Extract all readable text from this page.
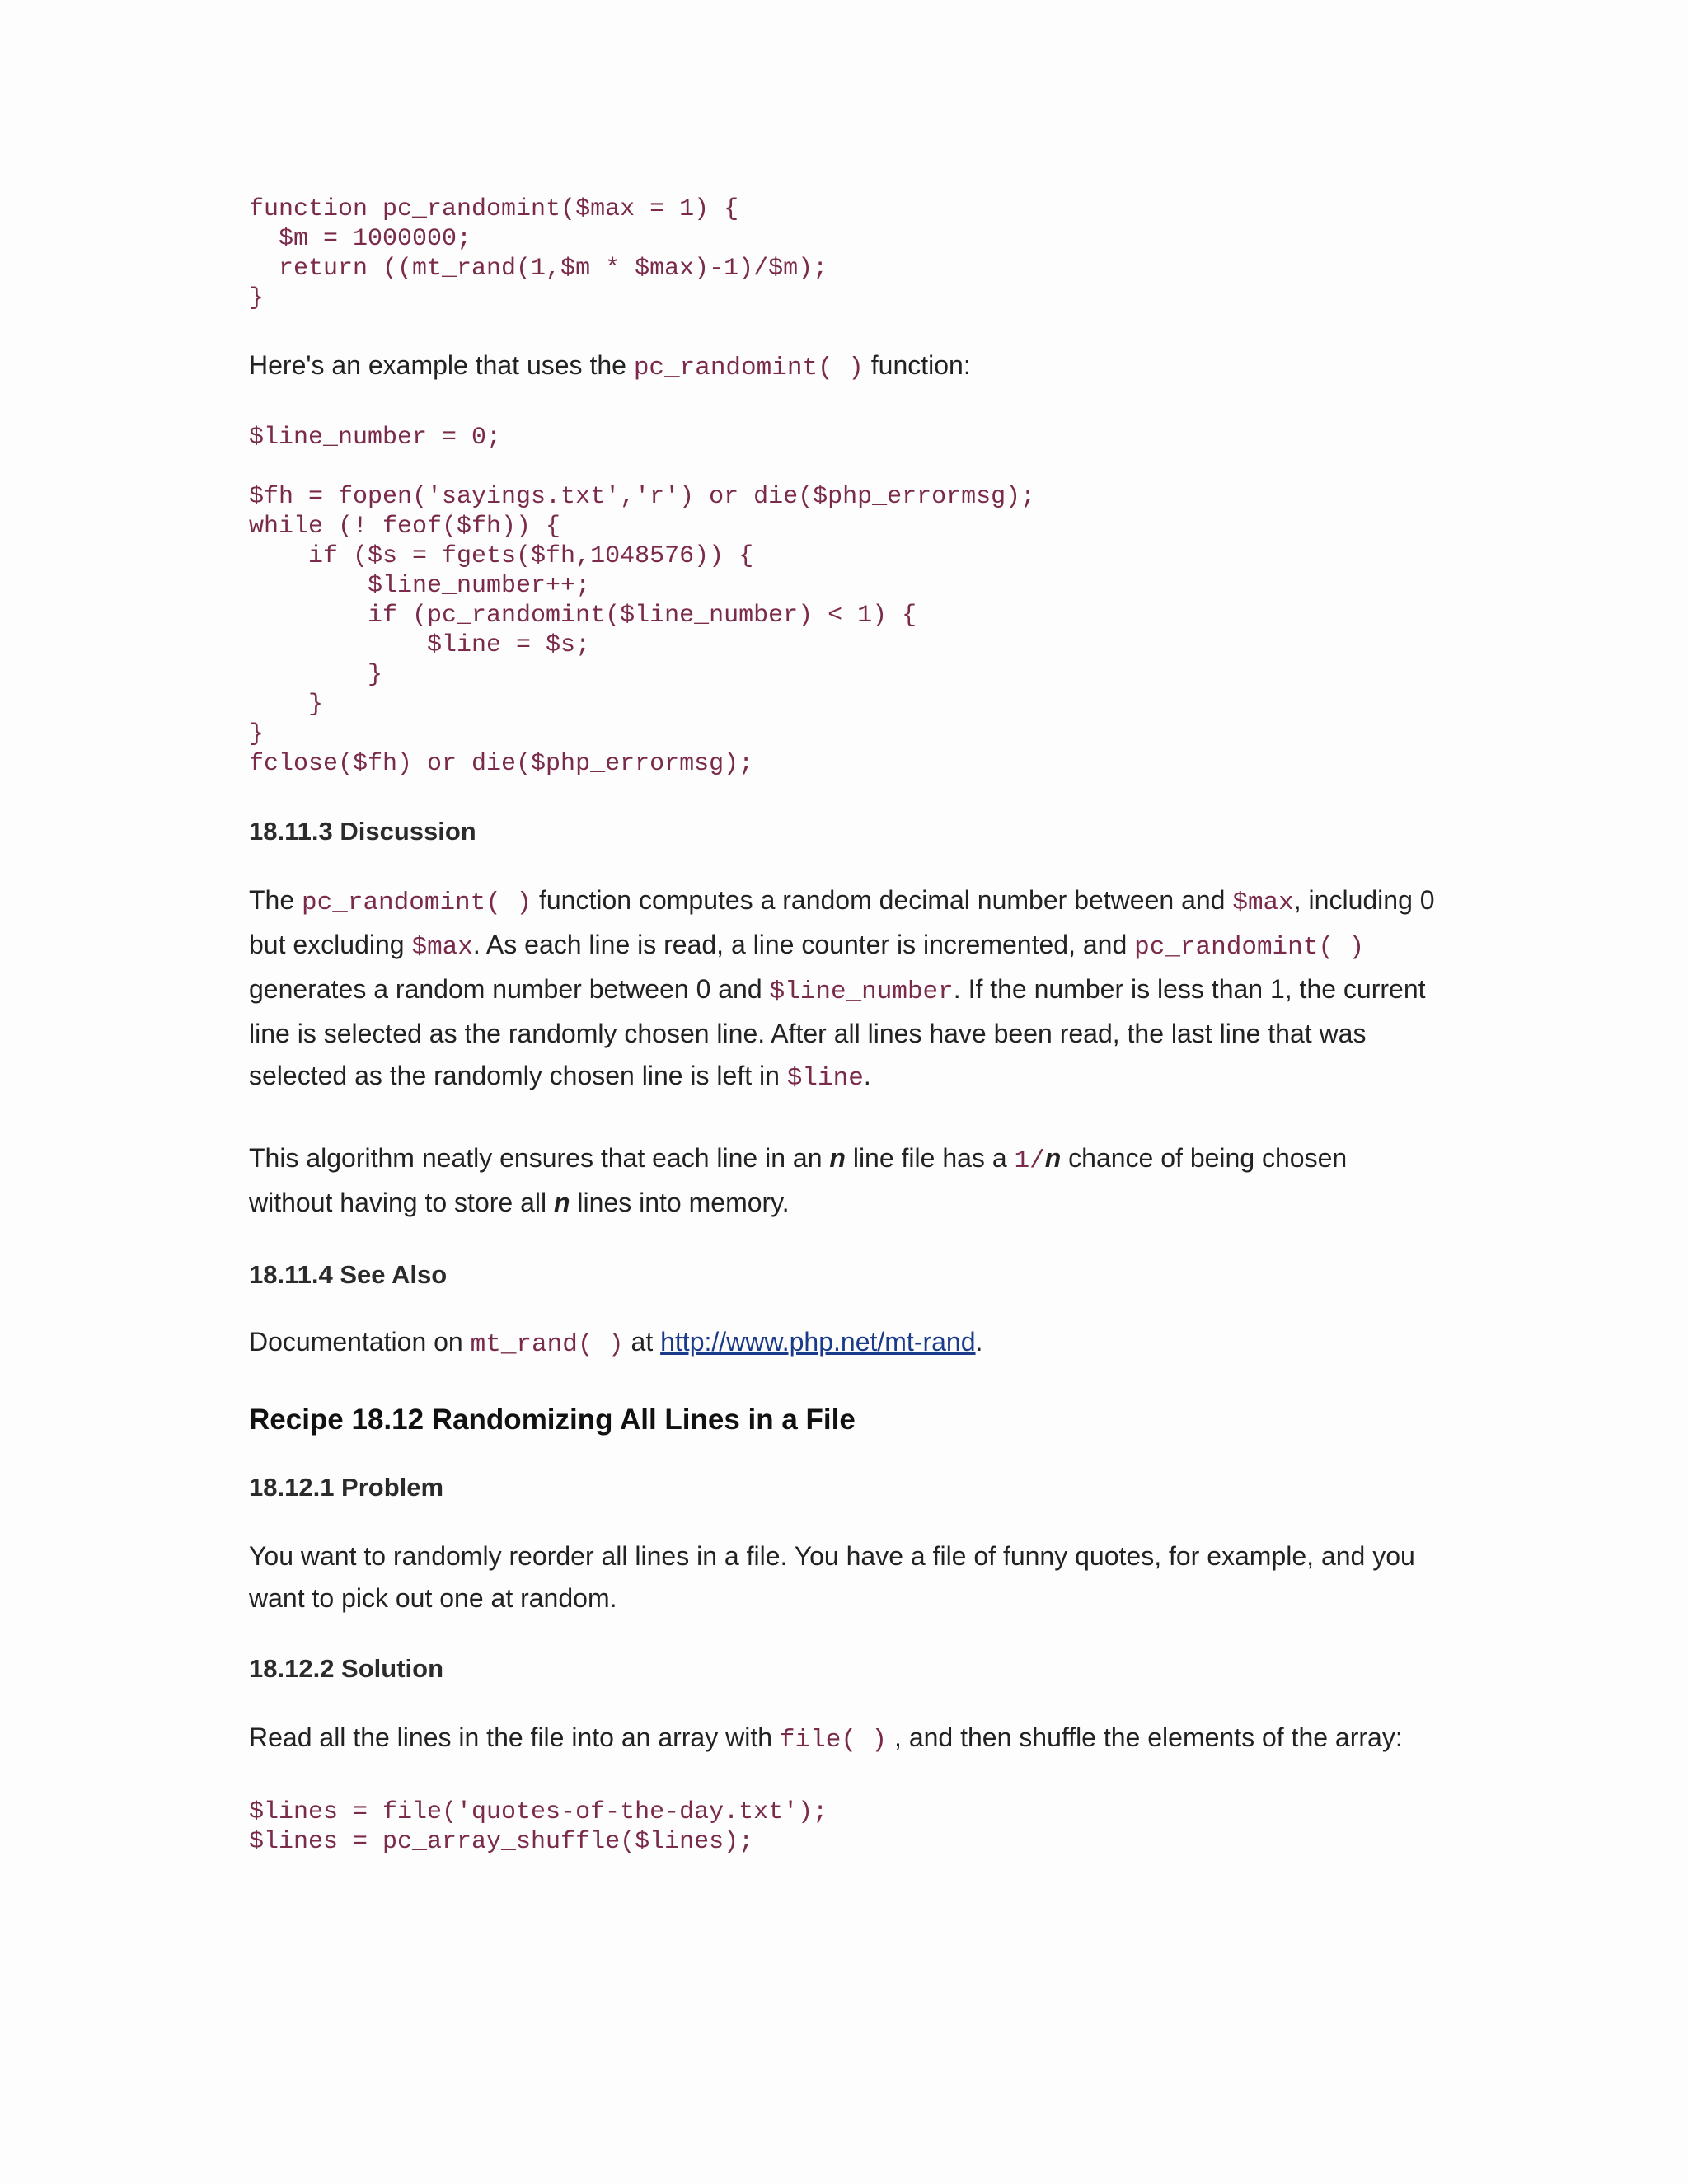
function pc_randomint($max = 1) {
$m = 1000000;
return ((mt_rand(1,$m * $max)-1)/$m);
}

Here's an example that uses the pc_randomint( ) function:

$line_number = 0;
$fh = fopen('sayings.txt','r') or die($php_errormsg);
while (! feof($fh)) {
if ($s = fgets($fh,1048576)) {
$line_number++;
if (pc_randomint($line_number) < 1) {
$line = $s;
}
}
}
fclose($fh) or die($php_errormsg);
18.11.3 Discussion

The pc_randomint( ) function computes a random decimal number between and $max, including 0 but excluding $max. As each line is read, a line counter is incremented, and pc_randomint( ) generates a random number between 0 and $line_number. If the number is less than 1, the current line is selected as the randomly chosen line. After all lines have been read, the last line that was selected as the randomly chosen line is left in $line.

This algorithm neatly ensures that each line in an n line file has a 1/n chance of being chosen without having to store all n lines into memory.

18.11.4 See Also

Documentation on mt_rand( ) at http://www.php.net/mt-rand.

Recipe 18.12 Randomizing All Lines in a File
18.12.1 Problem

You want to randomly reorder all lines in a file. You have a file of funny quotes, for example, and you want to pick out one at random.

18.12.2 Solution

Read all the lines in the file into an array with file( ) , and then shuffle the elements of the array:

$lines = file('quotes-of-the-day.txt');
$lines = pc_array_shuffle($lines);
